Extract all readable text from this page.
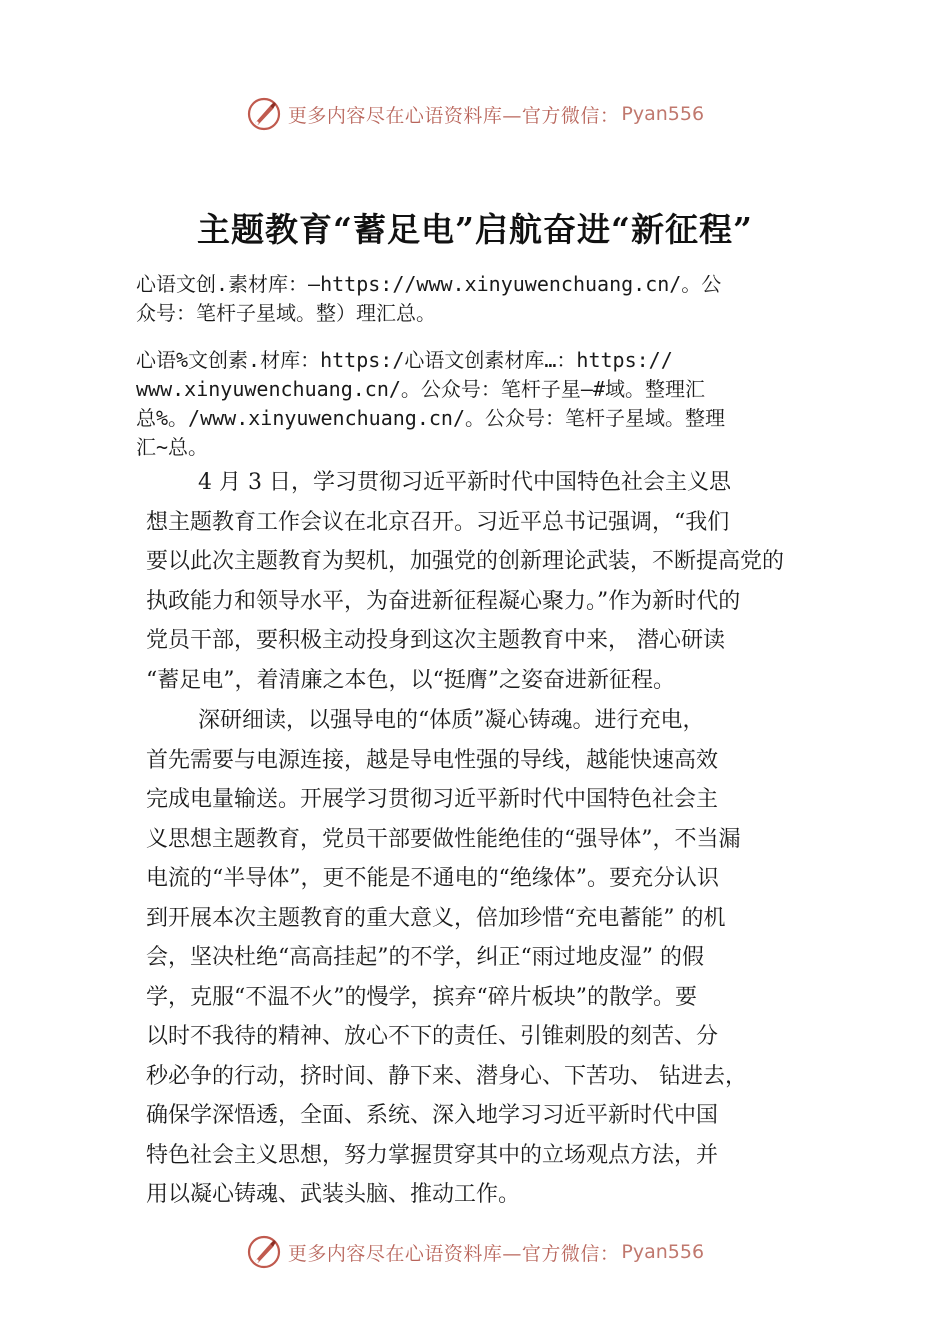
更多内容尽在心语资料库—官方微信： Pyan556
主题教育“蓄足电”启航奋进“新征程”
心语文创.素材库：—https://www.xinyuwenchuang.cn/。公
众号：笔杆子星域。整）理汇总。
心语%文创素.材库：https:/心语文创素材库…：https://
www.xinyuwenchuang.cn/。公众号：笔杆子星—#域。整理汇
总%。/www.xinyuwenchuang.cn/。公众号：笔杆子星域。整理
汇~总。
4 月 3 日，学习贯彻习近平新时代中国特色社会主义思
想主题教育工作会议在北京召开。习近平总书记强调，“我们
要以此次主题教育为契机，加强党的创新理论武装，不断提高党的
执政能力和领导水平，为奋进新征程凝心聚力。”作为新时代的
党员干部，要积极主动投身到这次主题教育中来， 潜心研读
“蓄足电”，着清廉之本色，以“挺膺”之姿奋进新征程。
深研细读，以强导电的“体质”凝心铸魂。进行充电，
首先需要与电源连接，越是导电性强的导线，越能快速高效
完成电量输送。开展学习贯彻习近平新时代中国特色社会主
义思想主题教育，党员干部要做性能绝佳的“强导体”，不当漏
电流的“半导体”，更不能是不通电的“绝缘体”。要充分认识
到开展本次主题教育的重大意义，倍加珍惜“充电蓄能” 的机
会，坚决杜绝“高高挂起”的不学，纠正“雨过地皮湿” 的假
学，克服“不温不火”的慢学，摈弃“碎片板块”的散学。要
以时不我待的精神、放心不下的责任、引锥刺股的刻苦、分
秒必争的行动，挤时间、静下来、潜身心、下苦功、 钻进去，
确保学深悟透，全面、系统、深入地学习习近平新时代中国
特色社会主义思想，努力掌握贯穿其中的立场观点方法，并
用以凝心铸魂、武装头脑、推动工作。
更多内容尽在心语资料库—官方微信： Pyan556
